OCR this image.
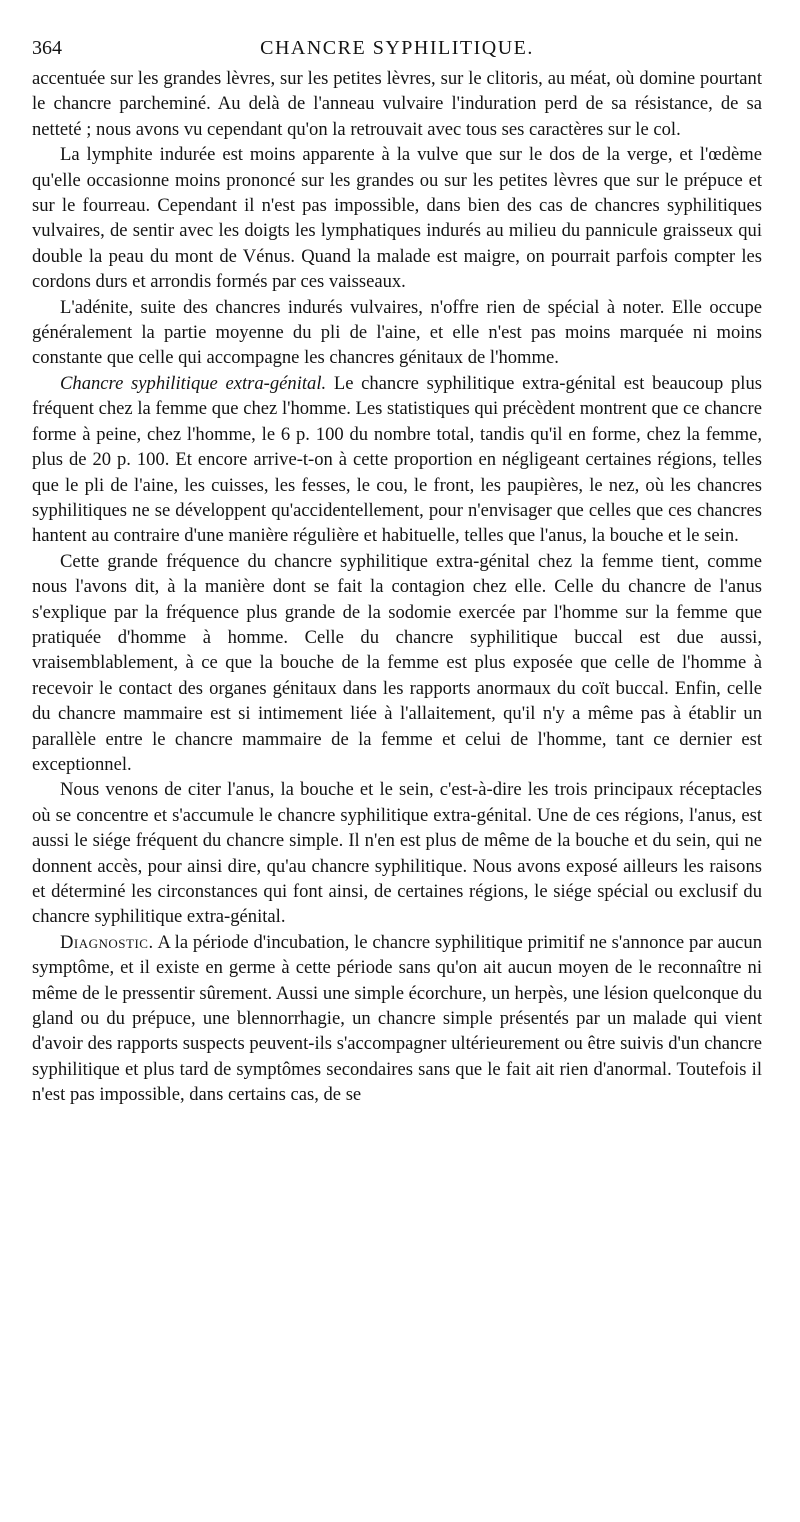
364	CHANCRE SYPHILITIQUE.

accentuée sur les grandes lèvres, sur les petites lèvres, sur le clitoris, au méat, où domine pourtant le chancre parcheminé. Au delà de l'anneau vulvaire l'induration perd de sa résistance, de sa netteté ; nous avons vu cependant qu'on la retrouvait avec tous ses caractères sur le col.

La lymphite indurée est moins apparente à la vulve que sur le dos de la verge, et l'œdème qu'elle occasionne moins prononcé sur les grandes ou sur les petites lèvres que sur le prépuce et sur le fourreau. Cependant il n'est pas impossible, dans bien des cas de chancres syphilitiques vulvaires, de sentir avec les doigts les lymphatiques indurés au milieu du pannicule graisseux qui double la peau du mont de Vénus. Quand la malade est maigre, on pourrait parfois compter les cordons durs et arrondis formés par ces vaisseaux.

L'adénite, suite des chancres indurés vulvaires, n'offre rien de spécial à noter. Elle occupe généralement la partie moyenne du pli de l'aine, et elle n'est pas moins marquée ni moins constante que celle qui accompagne les chancres génitaux de l'homme.

Chancre syphilitique extra-génital. Le chancre syphilitique extra-génital est beaucoup plus fréquent chez la femme que chez l'homme. Les statistiques qui précèdent montrent que ce chancre forme à peine, chez l'homme, le 6 p. 100 du nombre total, tandis qu'il en forme, chez la femme, plus de 20 p. 100. Et encore arrive-t-on à cette proportion en négligeant certaines régions, telles que le pli de l'aine, les cuisses, les fesses, le cou, le front, les paupières, le nez, où les chancres syphilitiques ne se développent qu'accidentellement, pour n'envisager que celles que ces chancres hantent au contraire d'une manière régulière et habituelle, telles que l'anus, la bouche et le sein.

Cette grande fréquence du chancre syphilitique extra-génital chez la femme tient, comme nous l'avons dit, à la manière dont se fait la contagion chez elle. Celle du chancre de l'anus s'explique par la fréquence plus grande de la sodomie exercée par l'homme sur la femme que pratiquée d'homme à homme. Celle du chancre syphilitique buccal est due aussi, vraisemblablement, à ce que la bouche de la femme est plus exposée que celle de l'homme à recevoir le contact des organes génitaux dans les rapports anormaux du coït buccal. Enfin, celle du chancre mammaire est si intimement liée à l'allaitement, qu'il n'y a même pas à établir un parallèle entre le chancre mammaire de la femme et celui de l'homme, tant ce dernier est exceptionnel.

Nous venons de citer l'anus, la bouche et le sein, c'est-à-dire les trois principaux réceptacles où se concentre et s'accumule le chancre syphilitique extra-génital. Une de ces régions, l'anus, est aussi le siége fréquent du chancre simple. Il n'en est plus de même de la bouche et du sein, qui ne donnent accès, pour ainsi dire, qu'au chancre syphilitique. Nous avons exposé ailleurs les raisons et déterminé les circonstances qui font ainsi, de certaines régions, le siége spécial ou exclusif du chancre syphilitique extra-génital.

Diagnostic. A la période d'incubation, le chancre syphilitique primitif ne s'annonce par aucun symptôme, et il existe en germe à cette période sans qu'on ait aucun moyen de le reconnaître ni même de le pressentir sûrement. Aussi une simple écorchure, un herpès, une lésion quelconque du gland ou du prépuce, une blennorrhagie, un chancre simple présentés par un malade qui vient d'avoir des rapports suspects peuvent-ils s'accompagner ultérieurement ou être suivis d'un chancre syphilitique et plus tard de symptômes secondaires sans que le fait ait rien d'anormal. Toutefois il n'est pas impossible, dans certains cas, de se
